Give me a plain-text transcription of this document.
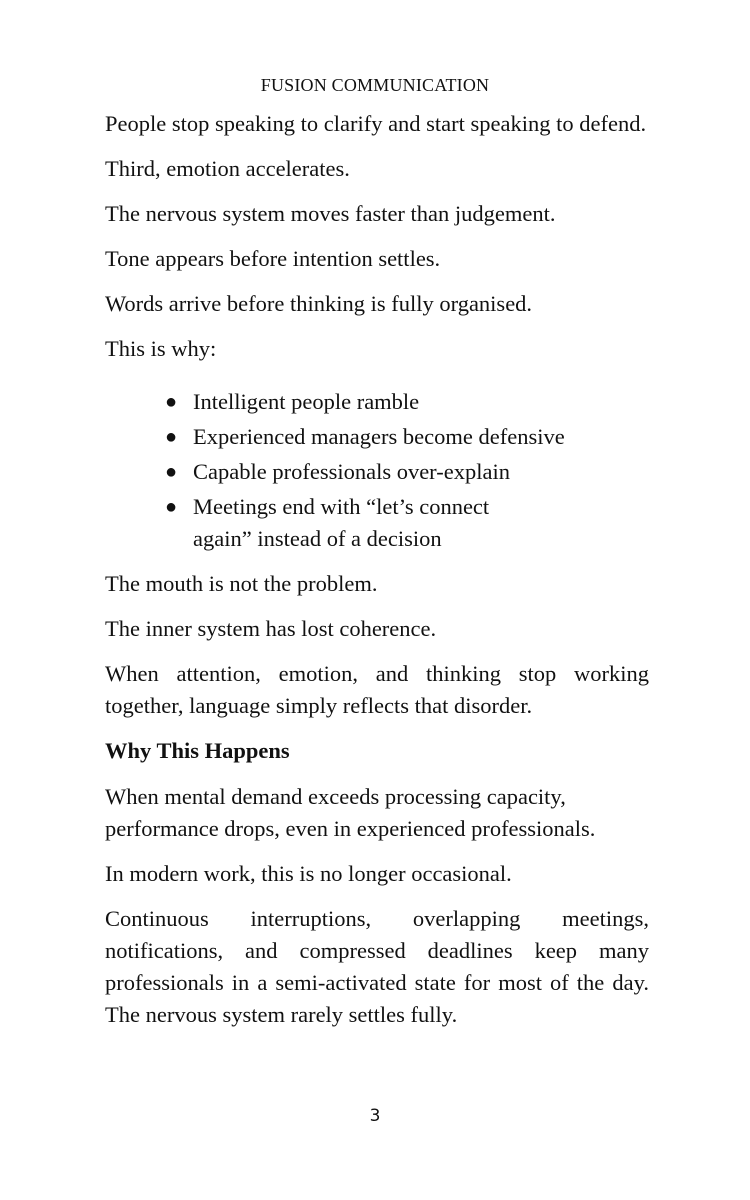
FUSION COMMUNICATION

People stop speaking to clarify and start speaking to defend.

Third, emotion accelerates.

The nervous system moves faster than judgement.

Tone appears before intention settles.

Words arrive before thinking is fully organised.

This is why:

● Intelligent people ramble
● Experienced managers become defensive
● Capable professionals over-explain
● Meetings end with “let’s connect again” instead of a decision

The mouth is not the problem.

The inner system has lost coherence.

When attention, emotion, and thinking stop working together, language simply reflects that disorder.

Why This Happens

When mental demand exceeds processing capacity, performance drops, even in experienced professionals.

In modern work, this is no longer occasional.

Continuous interruptions, overlapping meetings, notifications, and compressed deadlines keep many professionals in a semi-activated state for most of the day. The nervous system rarely settles fully.

3
